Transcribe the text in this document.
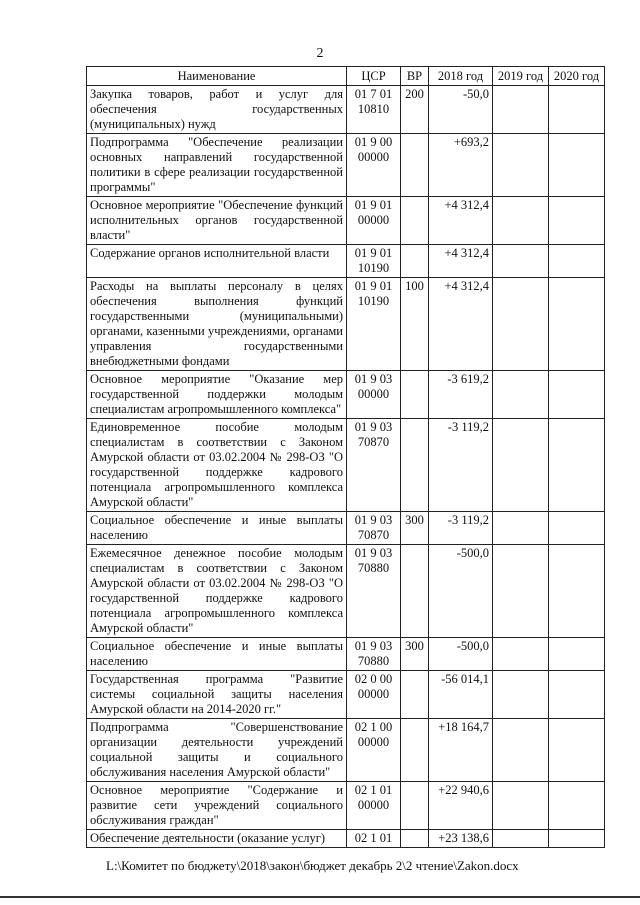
2
Наименование	ЦСР	ВР	2018 год	2019 год	2020 год
Закупка товаров, работ и услуг для обеспечения государственных (муниципальных) нужд	01 7 01 10810	200	-50,0		
Подпрограмма "Обеспечение реализации основных направлений государственной политики в сфере реализации государственной программы"	01 9 00 00000		+693,2		
Основное мероприятие "Обеспечение функций исполнительных органов государственной власти"	01 9 01 00000		+4 312,4		
Содержание органов исполнительной власти	01 9 01 10190		+4 312,4		
Расходы на выплаты персоналу в целях обеспечения выполнения функций государственными (муниципальными) органами, казенными учреждениями, органами управления государственными внебюджетными фондами	01 9 01 10190	100	+4 312,4		
Основное мероприятие "Оказание мер государственной поддержки молодым специалистам агропромышленного комплекса"	01 9 03 00000		-3 619,2		
Единовременное пособие молодым специалистам в соответствии с Законом Амурской области от 03.02.2004 № 298-ОЗ "О государственной поддержке кадрового потенциала агропромышленного комплекса Амурской области"	01 9 03 70870		-3 119,2		
Социальное обеспечение и иные выплаты населению	01 9 03 70870	300	-3 119,2		
Ежемесячное денежное пособие молодым специалистам в соответствии с Законом Амурской области от 03.02.2004 № 298-ОЗ "О государственной поддержке кадрового потенциала агропромышленного комплекса Амурской области"	01 9 03 70880		-500,0		
Социальное обеспечение и иные выплаты населению	01 9 03 70880	300	-500,0		
Государственная программа "Развитие системы социальной защиты населения Амурской области на 2014-2020 гг."	02 0 00 00000		-56 014,1		
Подпрограмма "Совершенствование организации деятельности учреждений социальной защиты и социального обслуживания населения Амурской области"	02 1 00 00000		+18 164,7		
Основное мероприятие "Содержание и развитие сети учреждений социального обслуживания граждан"	02 1 01 00000		+22 940,6		
Обеспечение деятельности (оказание услуг)	02 1 01		+23 138,6		
L:\Комитет по бюджету\2018\закон\бюджет декабрь 2\2 чтение\Zakon.docx
